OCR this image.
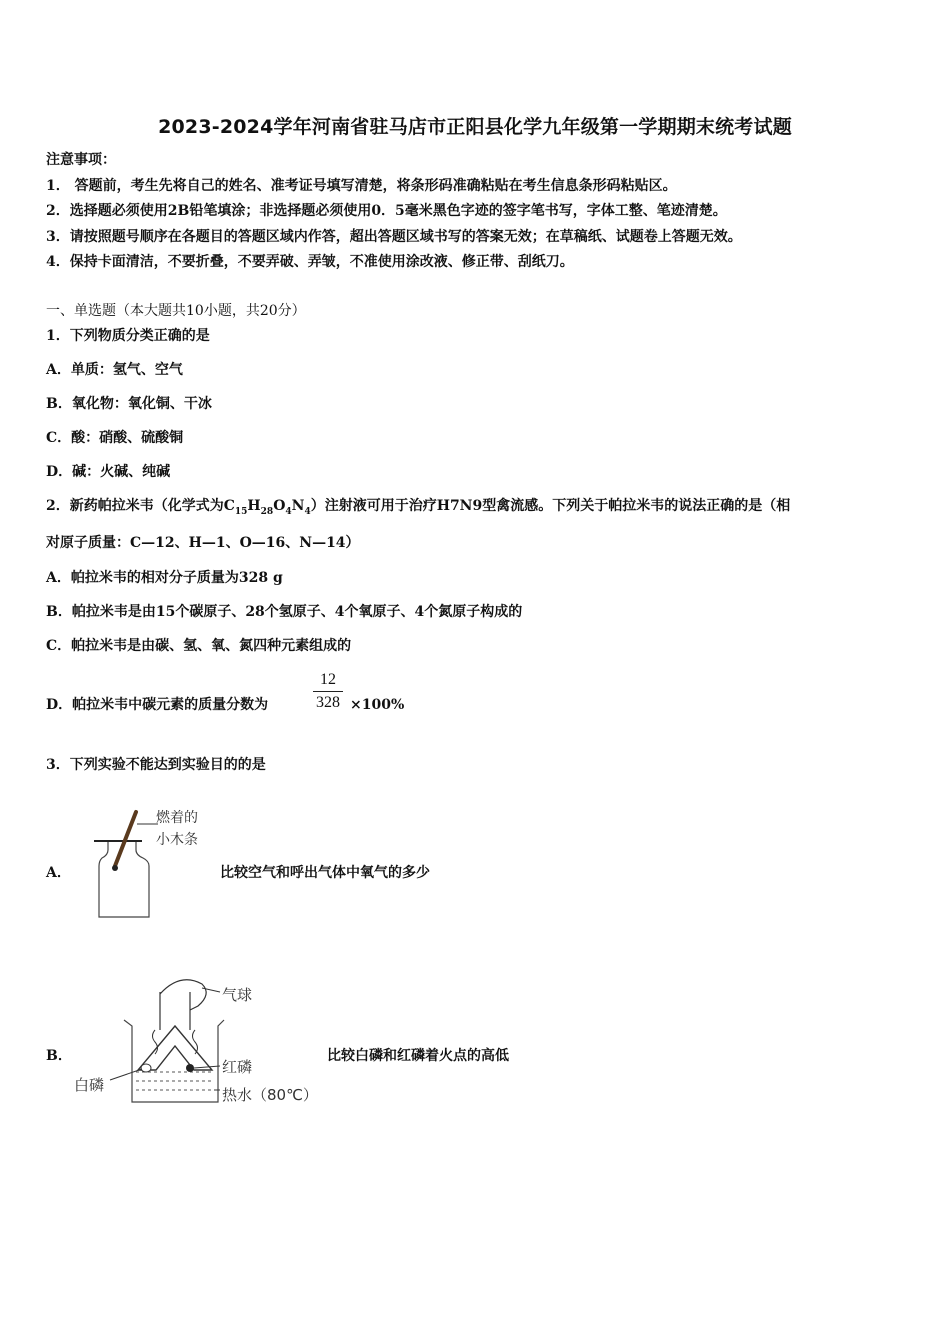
2023-2024学年河南省驻马店市正阳县化学九年级第一学期期末统考试题
注意事项：
1． 答题前，考生先将自己的姓名、准考证号填写清楚，将条形码准确粘贴在考生信息条形码粘贴区。
2．选择题必须使用2B铅笔填涂；非选择题必须使用0．5毫米黑色字迹的签字笔书写，字体工整、笔迹清楚。
3．请按照题号顺序在各题目的答题区域内作答，超出答题区域书写的答案无效；在草稿纸、试题卷上答题无效。
4．保持卡面清洁，不要折叠，不要弄破、弄皱，不准使用涂改液、修正带、刮纸刀。
一、单选题（本大题共10小题，共20分）
1．下列物质分类正确的是
A．单质：氢气、空气
B．氧化物：氧化铜、干冰
C．酸：硝酸、硫酸铜
D．碱：火碱、纯碱
2．新药帕拉米韦（化学式为$C_{15}H_{28}O_4N_4$）注射液可用于治疗H7N9型禽流感。下列关于帕拉米韦的说法正确的是（相
对原子质量：C—12、H—1、O—16、N—14）
A．帕拉米韦的相对分子质量为328 g
B．帕拉米韦是由15个碳原子、28个氢原子、4个氧原子、4个氮原子构成的
C．帕拉米韦是由碳、氢、氧、氮四种元素组成的
D．帕拉米韦中碳元素的质量分数为
12
328 ×100%
3．下列实验不能达到实验目的的是
A．
燃着的
小木条
比较空气和呼出气体中氧气的多少
B．
气球
红磷
白磷
热水（80℃）
比较白磷和红磷着火点的高低
